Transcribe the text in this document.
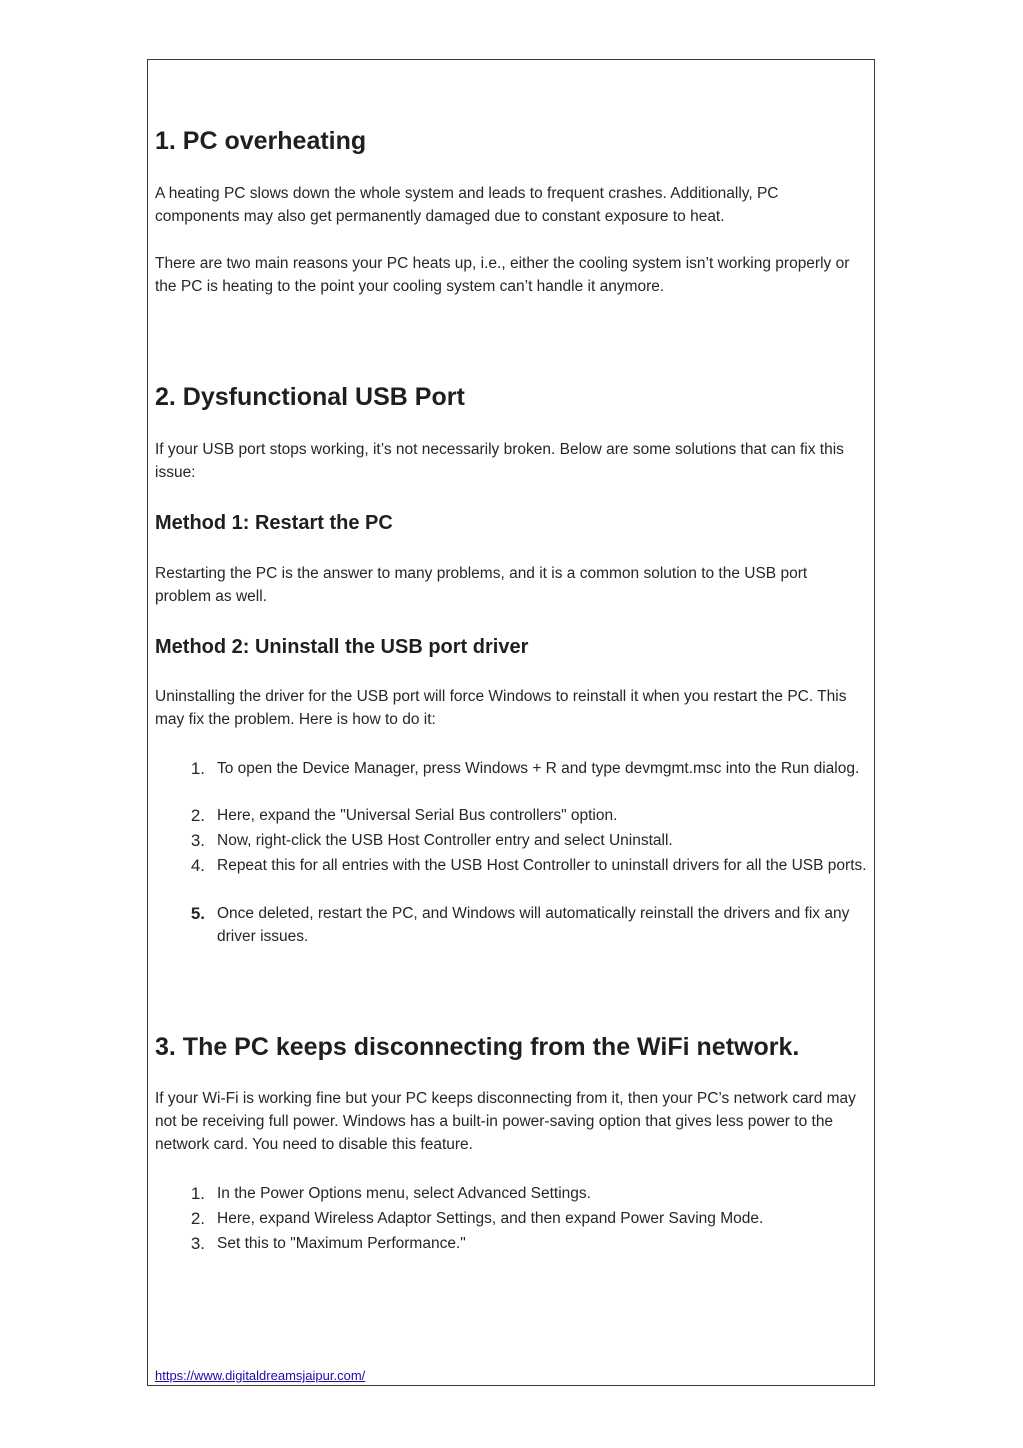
1. PC overheating

A heating PC slows down the whole system and leads to frequent crashes. Additionally, PC components may also get permanently damaged due to constant exposure to heat.

There are two main reasons your PC heats up, i.e., either the cooling system isn’t working properly or the PC is heating to the point your cooling system can’t handle it anymore.

2. Dysfunctional USB Port

If your USB port stops working, it’s not necessarily broken. Below are some solutions that can fix this issue:

Method 1: Restart the PC

Restarting the PC is the answer to many problems, and it is a common solution to the USB port problem as well.

Method 2: Uninstall the USB port driver

Uninstalling the driver for the USB port will force Windows to reinstall it when you restart the PC. This may fix the problem. Here is how to do it:

1. To open the Device Manager, press Windows + R and type devmgmt.msc into the Run dialog.
2. Here, expand the "Universal Serial Bus controllers" option.
3. Now, right-click the USB Host Controller entry and select Uninstall.
4. Repeat this for all entries with the USB Host Controller to uninstall drivers for all the USB ports.
5. Once deleted, restart the PC, and Windows will automatically reinstall the drivers and fix any driver issues.
3. The PC keeps disconnecting from the WiFi network.

If your Wi-Fi is working fine but your PC keeps disconnecting from it, then your PC’s network card may not be receiving full power. Windows has a built-in power-saving option that gives less power to the network card. You need to disable this feature.

1. In the Power Options menu, select Advanced Settings.
2. Here, expand Wireless Adaptor Settings, and then expand Power Saving Mode.
3. Set this to "Maximum Performance."
https://www.digitaldreamsjaipur.com/
